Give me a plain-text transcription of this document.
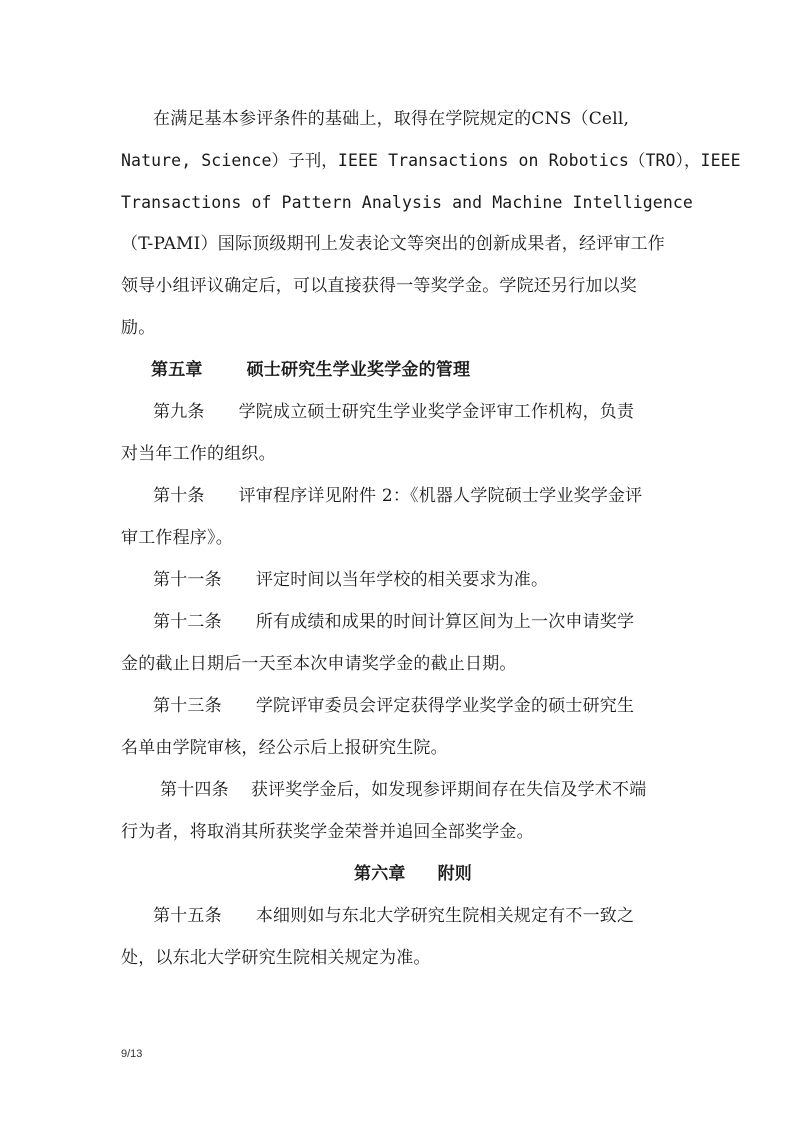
在满足基本参评条件的基础上，取得在学院规定的CNS（Cell,
Nature, Science）子刊，IEEE Transactions on Robotics（TRO），IEEE
Transactions of Pattern Analysis and Machine Intelligence
（T-PAMI）国际顶级期刊上发表论文等突出的创新成果者，经评审工作
领导小组评议确定后，可以直接获得一等奖学金。学院还另行加以奖
励。
第五章	硕士研究生学业奖学金的管理
第九条 学院成立硕士研究生学业奖学金评审工作机构，负责
对当年工作的组织。
第十条 评审程序详见附件 2：《机器人学院硕士学业奖学金评
审工作程序》。
第十一条 评定时间以当年学校的相关要求为准。
第十二条 所有成绩和成果的时间计算区间为上一次申请奖学
金的截止日期后一天至本次申请奖学金的截止日期。
第十三条 学院评审委员会评定获得学业奖学金的硕士研究生
名单由学院审核，经公示后上报研究生院。
第十四条 获评奖学金后，如发现参评期间存在失信及学术不端
行为者，将取消其所获奖学金荣誉并追回全部奖学金。
第六章 附则
第十五条 本细则如与东北大学研究生院相关规定有不一致之
处，以东北大学研究生院相关规定为准。
9/13
